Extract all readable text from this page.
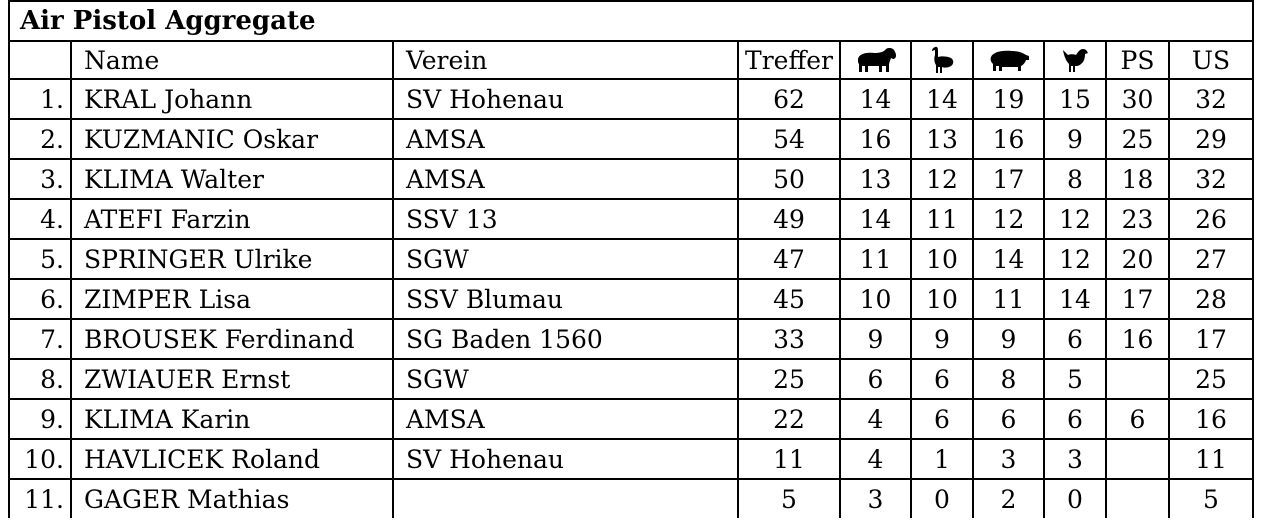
Air Pistol Aggregate									
	Name	Verein	Treffer					PS	US
1.	KRAL Johann	SV Hohenau	62	14	14	19	15	30	32
2.	KUZMANIC Oskar	AMSA	54	16	13	16	9	25	29
3.	KLIMA Walter	AMSA	50	13	12	17	8	18	32
4.	ATEFI Farzin	SSV 13	49	14	11	12	12	23	26
5.	SPRINGER Ulrike	SGW	47	11	10	14	12	20	27
6.	ZIMPER Lisa	SSV Blumau	45	10	10	11	14	17	28
7.	BROUSEK Ferdinand	SG Baden 1560	33	9	9	9	6	16	17
8.	ZWIAUER Ernst	SGW	25	6	6	8	5		25
9.	KLIMA Karin	AMSA	22	4	6	6	6	6	16
10.	HAVLICEK Roland	SV Hohenau	11	4	1	3	3		11
11.	GAGER Mathias		5	3	0	2	0		5
